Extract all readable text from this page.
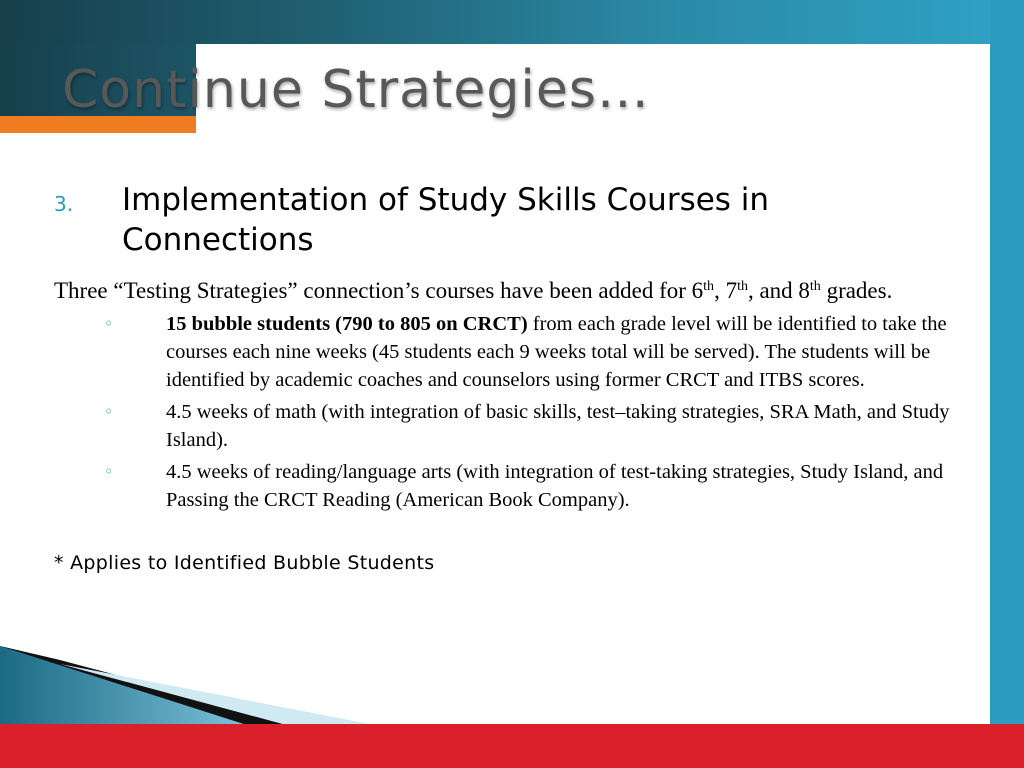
Continue Strategies…
3. Implementation of Study Skills Courses in Connections
Three “Testing Strategies” connection’s courses have been added for 6th, 7th, and 8th grades.
◦	15 bubble students (790 to 805 on CRCT) from each grade level will be identified to take the courses each nine weeks (45 students each 9 weeks total will be served). The students will be identified by academic coaches and counselors using former CRCT and ITBS scores.
◦	4.5 weeks of math (with integration of basic skills, test–taking strategies, SRA Math, and Study Island).
◦	4.5 weeks of reading/language arts (with integration of test-taking strategies, Study Island, and Passing the CRCT Reading (American Book Company).
* Applies to Identified Bubble Students
